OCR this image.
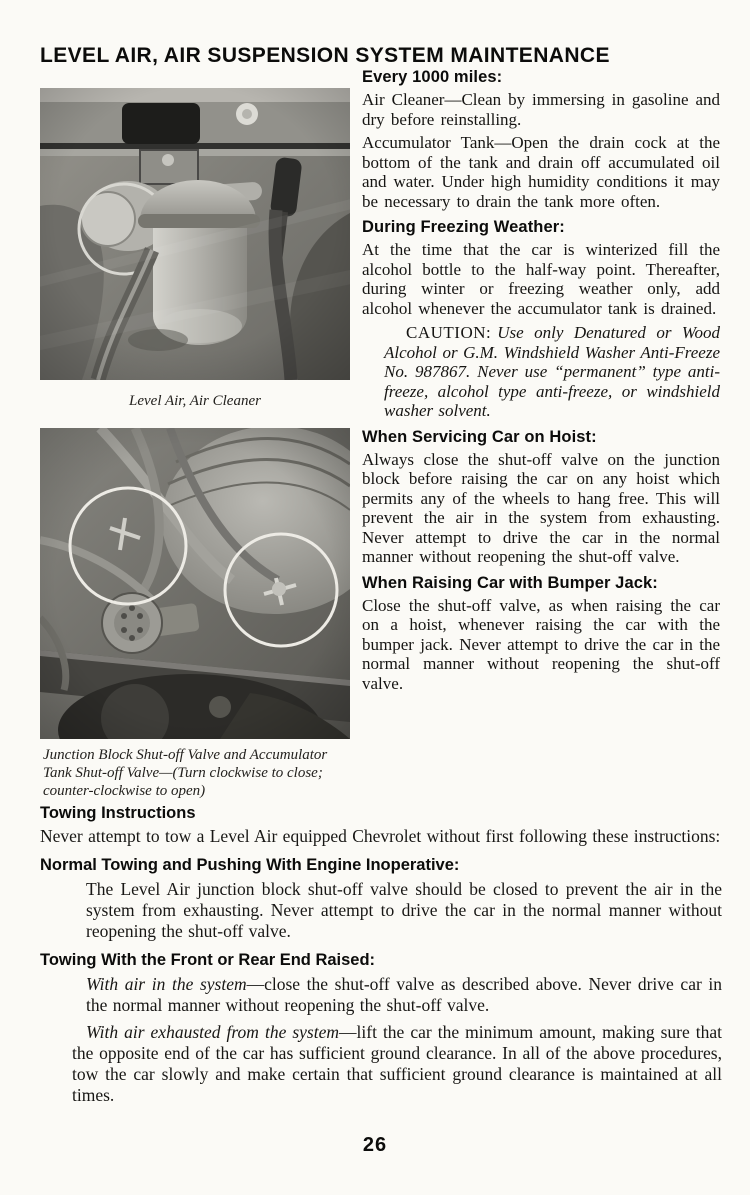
LEVEL AIR, AIR SUSPENSION SYSTEM MAINTENANCE
Level Air, Air Cleaner
Junction Block Shut-off Valve and Accumulator Tank Shut-off Valve—(Turn clockwise to close; counter-clockwise to open)
Every 1000 miles:

Air Cleaner—Clean by immersing in gasoline and dry before reinstalling.

Accumulator Tank—Open the drain cock at the bottom of the tank and drain off accumulated oil and water. Under high humidity conditions it may be necessary to drain the tank more often.

During Freezing Weather:

At the time that the car is winterized fill the alcohol bottle to the half-way point. Thereafter, during winter or freezing weather only, add alcohol whenever the accumulator tank is drained.

CAUTION: Use only Denatured or Wood Alcohol or G.M. Windshield Washer Anti-Freeze No. 987867. Never use “permanent” type anti-freeze, alcohol type anti-freeze, or windshield washer solvent.

When Servicing Car on Hoist:

Always close the shut-off valve on the junction block before raising the car on any hoist which permits any of the wheels to hang free. This will prevent the air in the system from exhausting. Never attempt to drive the car in the normal manner without reopening the shut-off valve.

When Raising Car with Bumper Jack:

Close the shut-off valve, as when raising the car on a hoist, whenever raising the car with the bumper jack. Never attempt to drive the car in the normal manner without reopening the shut-off valve.

Towing Instructions

Never attempt to tow a Level Air equipped Chevrolet without first following these instructions:

Normal Towing and Pushing With Engine Inoperative:

The Level Air junction block shut-off valve should be closed to prevent the air in the system from exhausting. Never attempt to drive the car in the normal manner without reopening the shut-off valve.

Towing With the Front or Rear End Raised:

With air in the system—close the shut-off valve as described above. Never drive car in the normal manner without reopening the shut-off valve.

With air exhausted from the system—lift the car the minimum amount, making sure that the opposite end of the car has sufficient ground clearance. In all of the above procedures, tow the car slowly and make certain that sufficient ground clearance is maintained at all times.

26
